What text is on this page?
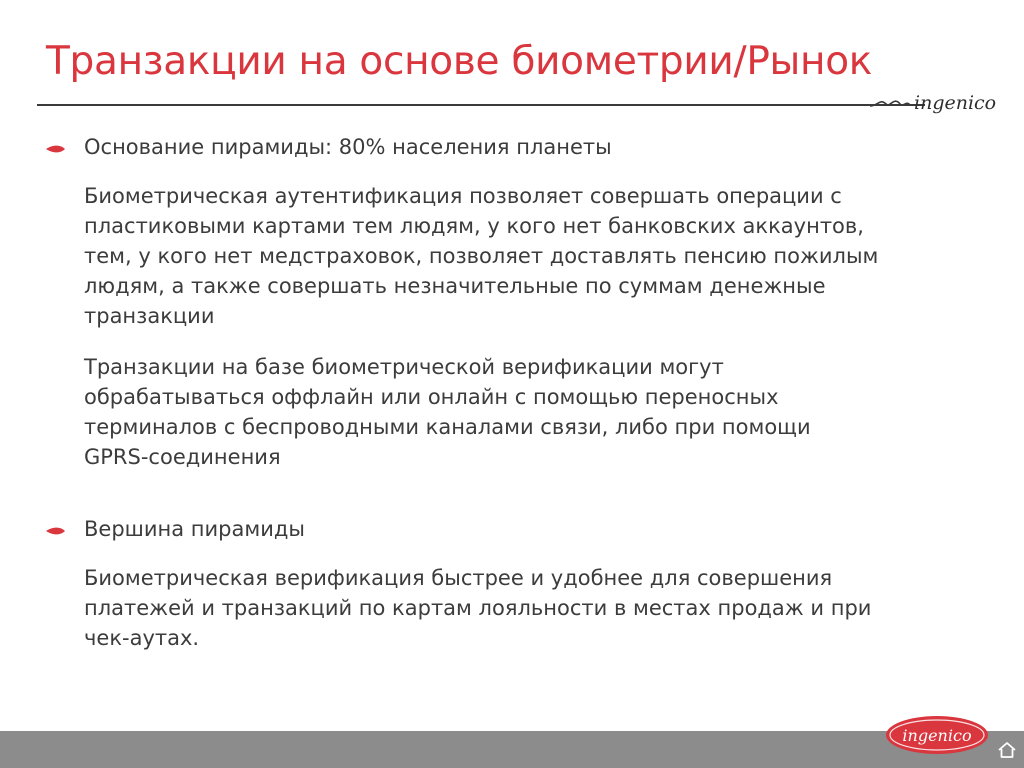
Транзакции на основе биометрии/Рынок
ingenico
Основание пирамиды: 80% населения планеты
Биометрическая аутентификация позволяет совершать операции с
пластиковыми картами тем людям, у кого нет банковских аккаунтов,
тем, у кого нет медстраховок, позволяет доставлять пенсию пожилым
людям, а также совершать незначительные по суммам денежные
транзакции
Транзакции на базе биометрической верификации могут
обрабатываться оффлайн или онлайн с помощью переносных
терминалов с беспроводными каналами связи, либо при помощи
GPRS-соединения
Вершина пирамиды
Биометрическая верификация быстрее и удобнее для совершения
платежей и транзакций по картам лояльности в местах продаж и при
чек-аутах.
ingenico
